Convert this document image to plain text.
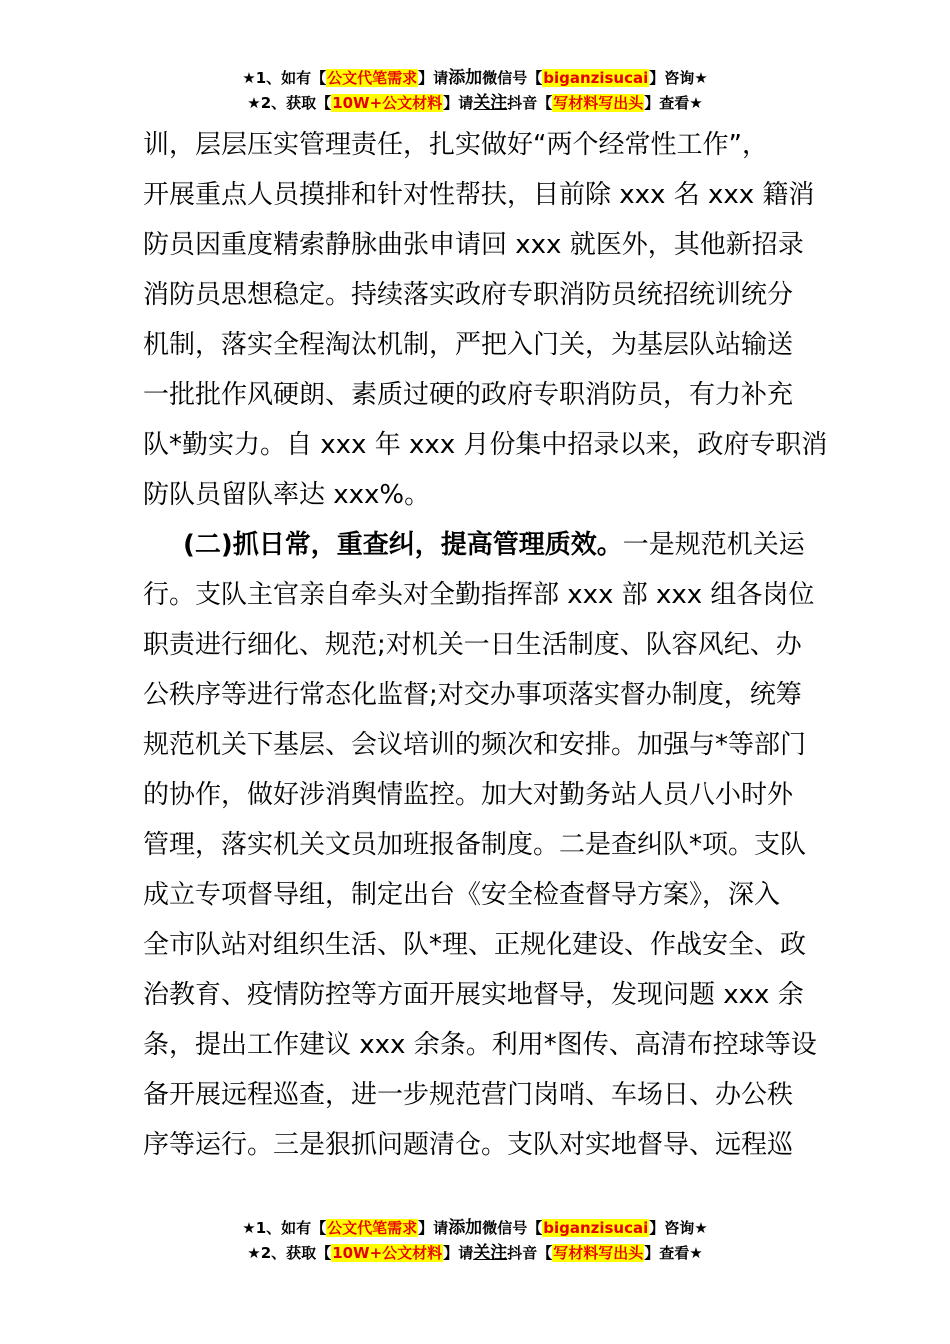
★1、如有【公文代笔需求】请添加微信号【biganzisucai】咨询★
★2、获取【10W+公文材料】请关注抖音【写材料写出头】查看★
训，层层压实管理责任，扎实做好“两个经常性工作”，
开展重点人员摸排和针对性帮扶，目前除 xxx 名 xxx 籍消
防员因重度精索静脉曲张申请回 xxx 就医外，其他新招录
消防员思想稳定。持续落实政府专职消防员统招统训统分
机制，落实全程淘汰机制，严把入门关，为基层队站输送
一批批作风硬朗、素质过硬的政府专职消防员，有力补充
队*勤实力。自 xxx 年 xxx 月份集中招录以来，政府专职消
防队员留队率达 xxx%。
(二)抓日常，重查纠，提高管理质效。一是规范机关运
行。支队主官亲自牵头对全勤指挥部 xxx 部 xxx 组各岗位
职责进行细化、规范;对机关一日生活制度、队容风纪、办
公秩序等进行常态化监督;对交办事项落实督办制度，统筹
规范机关下基层、会议培训的频次和安排。加强与*等部门
的协作，做好涉消舆情监控。加大对勤务站人员八小时外
管理，落实机关文员加班报备制度。二是查纠队*项。支队
成立专项督导组，制定出台《安全检查督导方案》，深入
全市队站对组织生活、队*理、正规化建设、作战安全、政
治教育、疫情防控等方面开展实地督导，发现问题 xxx 余
条，提出工作建议 xxx 余条。利用*图传、高清布控球等设
备开展远程巡查，进一步规范营门岗哨、车场日、办公秩
序等运行。三是狠抓问题清仓。支队对实地督导、远程巡
★1、如有【公文代笔需求】请添加微信号【biganzisucai】咨询★
★2、获取【10W+公文材料】请关注抖音【写材料写出头】查看★
